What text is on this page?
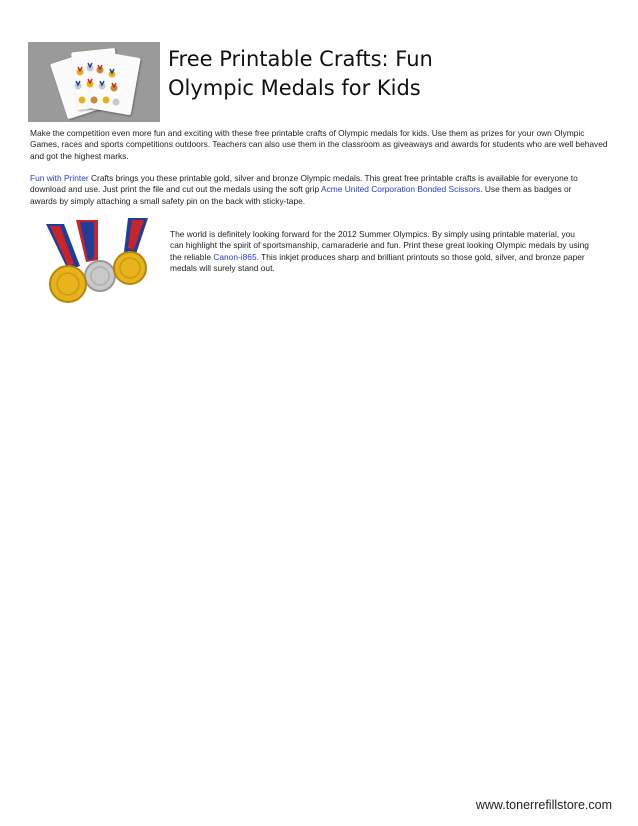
Free Printable Crafts: Fun
Olympic Medals for Kids
Make the competition even more fun and exciting with these free printable crafts of Olympic medals for kids. Use them as prizes for your own Olympic Games, races and sports competitions outdoors. Teachers can also use them in the classroom as giveaways and awards for students who are well behaved and got the highest marks.
Fun with Printer Crafts brings you these printable gold, silver and bronze Olympic medals. This great free printable crafts is available for everyone to download and use. Just print the file and cut out the medals using the soft grip Acme United Corporation Bonded Scissors. Use them as badges or awards by simply attaching a small safety pin on the back with sticky-tape.
The world is definitely looking forward for the 2012 Summer Olympics. By simply using printable material, you can highlight the spirit of sportsmanship, camaraderie and fun. Print these great looking Olympic medals by using the reliable Canon-i865. This inkjet produces sharp and brilliant printouts so those gold, silver, and bronze paper medals will surely stand out.
www.tonerrefillstore.com
